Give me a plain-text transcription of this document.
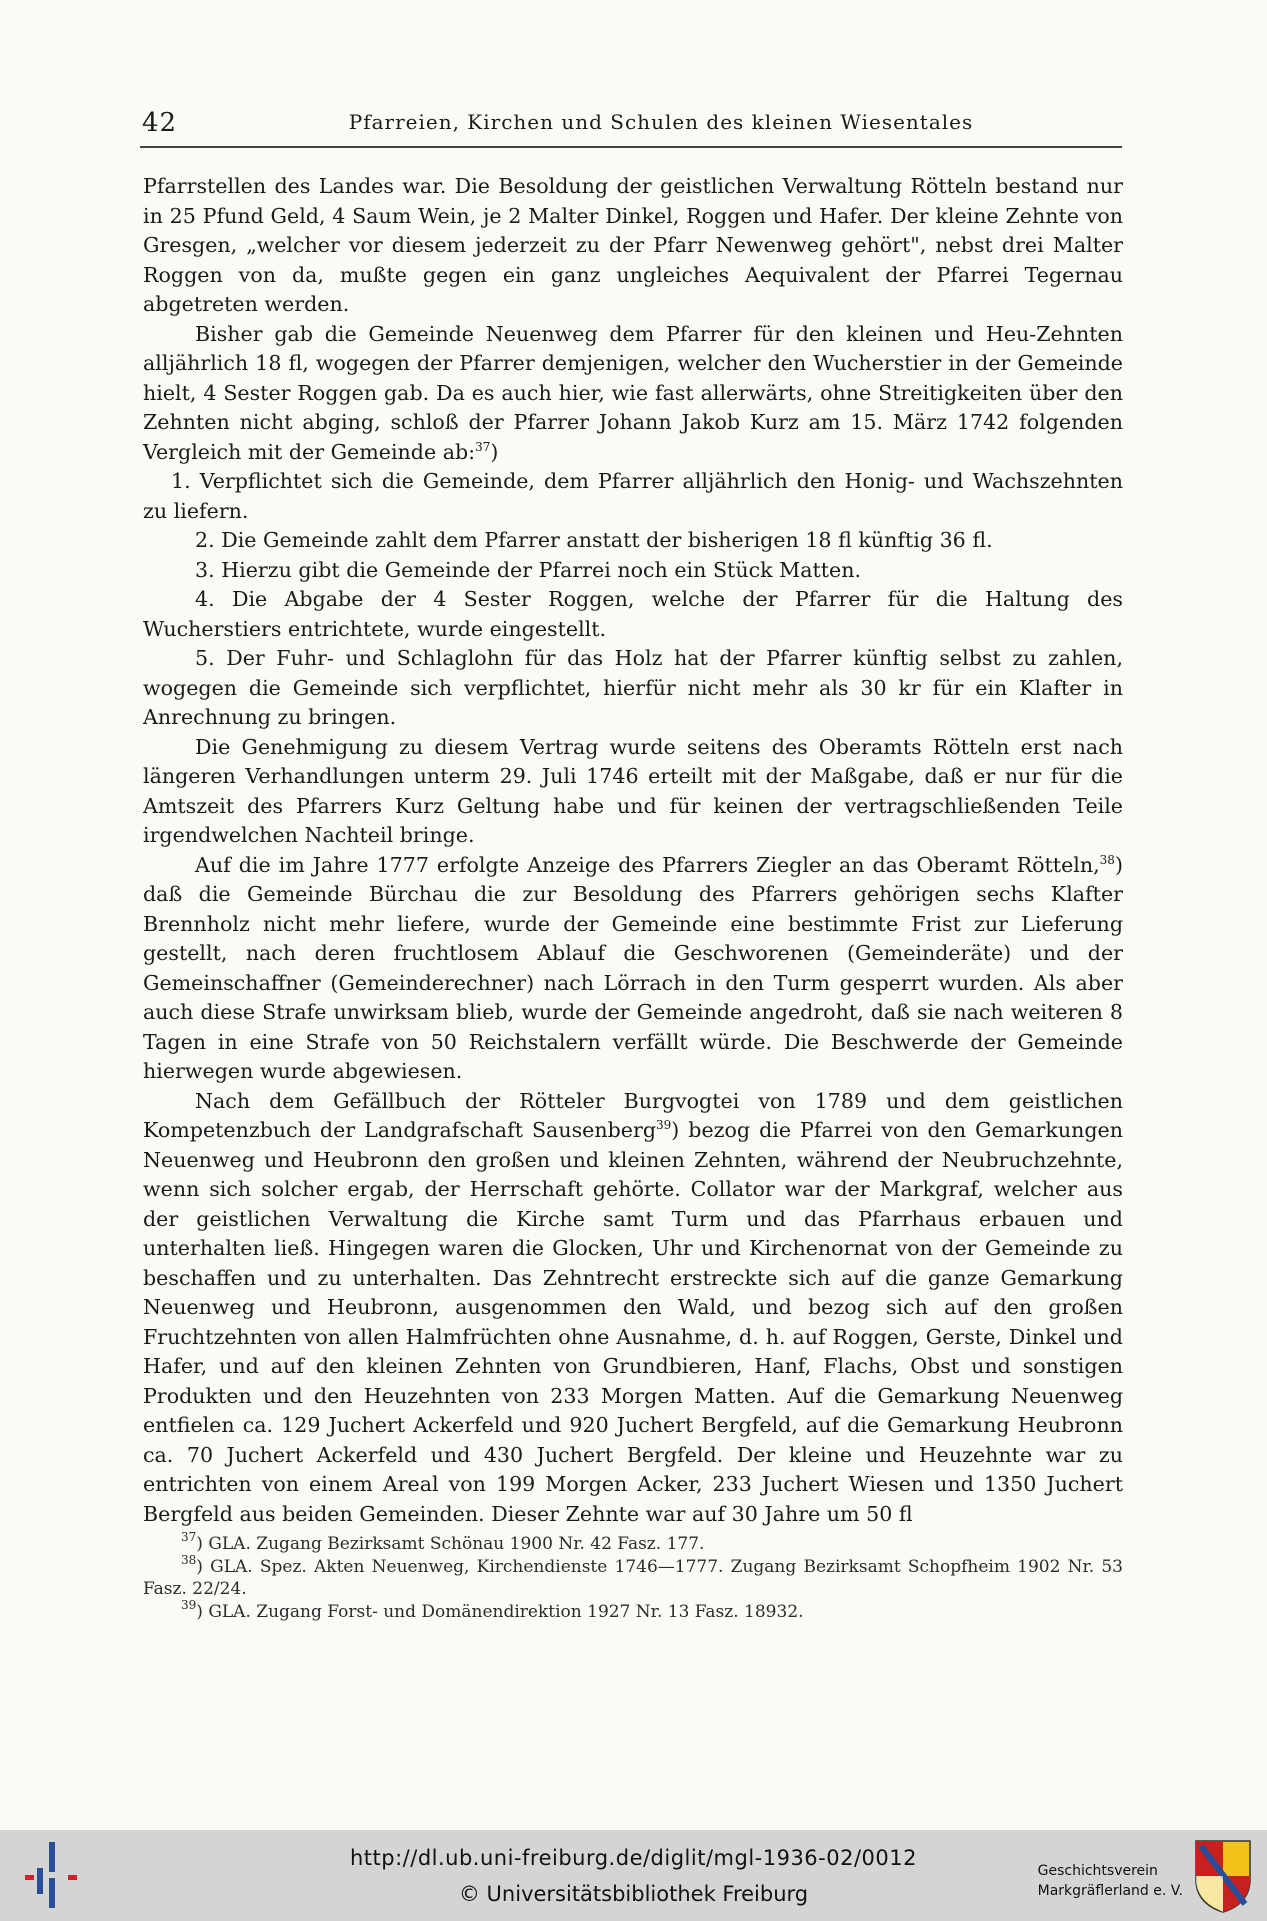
42	Pfarreien, Kirchen und Schulen des kleinen Wiesentales

Pfarrstellen des Landes war. Die Besoldung der geistlichen Verwaltung Rötteln bestand nur in 25 Pfund Geld, 4 Saum Wein, je 2 Malter Dinkel, Roggen und Hafer. Der kleine Zehnte von Gresgen, „welcher vor diesem jederzeit zu der Pfarr Newenweg gehört", nebst drei Malter Roggen von da, mußte gegen ein ganz ungleiches Aequivalent der Pfarrei Tegernau abgetreten werden.

Bisher gab die Gemeinde Neuenweg dem Pfarrer für den kleinen und Heu-Zehnten alljährlich 18 fl, wogegen der Pfarrer demjenigen, welcher den Wucherstier in der Gemeinde hielt, 4 Sester Roggen gab. Da es auch hier, wie fast allerwärts, ohne Streitigkeiten über den Zehnten nicht abging, schloß der Pfarrer Johann Jakob Kurz am 15. März 1742 folgenden Vergleich mit der Gemeinde ab:$^{37}$)

1. Verpflichtet sich die Gemeinde, dem Pfarrer alljährlich den Honig- und Wachszehnten zu liefern.

2. Die Gemeinde zahlt dem Pfarrer anstatt der bisherigen 18 fl künftig 36 fl.

3. Hierzu gibt die Gemeinde der Pfarrei noch ein Stück Matten.

4. Die Abgabe der 4 Sester Roggen, welche der Pfarrer für die Haltung des Wucherstiers entrichtete, wurde eingestellt.

5. Der Fuhr- und Schlaglohn für das Holz hat der Pfarrer künftig selbst zu zahlen, wogegen die Gemeinde sich verpflichtet, hierfür nicht mehr als 30 kr für ein Klafter in Anrechnung zu bringen.

Die Genehmigung zu diesem Vertrag wurde seitens des Oberamts Rötteln erst nach längeren Verhandlungen unterm 29. Juli 1746 erteilt mit der Maßgabe, daß er nur für die Amtszeit des Pfarrers Kurz Geltung habe und für keinen der vertragschließenden Teile irgendwelchen Nachteil bringe.

Auf die im Jahre 1777 erfolgte Anzeige des Pfarrers Ziegler an das Oberamt Rötteln,$^{38}$) daß die Gemeinde Bürchau die zur Besoldung des Pfarrers gehörigen sechs Klafter Brennholz nicht mehr liefere, wurde der Gemeinde eine bestimmte Frist zur Lieferung gestellt, nach deren fruchtlosem Ablauf die Geschworenen (Gemeinderäte) und der Gemeinschaffner (Gemeinderechner) nach Lörrach in den Turm gesperrt wurden. Als aber auch diese Strafe unwirksam blieb, wurde der Gemeinde angedroht, daß sie nach weiteren 8 Tagen in eine Strafe von 50 Reichstalern verfällt würde. Die Beschwerde der Gemeinde hierwegen wurde abgewiesen.

Nach dem Gefällbuch der Rötteler Burgvogtei von 1789 und dem geistlichen Kompetenzbuch der Landgrafschaft Sausenberg$^{39}$) bezog die Pfarrei von den Gemarkungen Neuenweg und Heubronn den großen und kleinen Zehnten, während der Neubruchzehnte, wenn sich solcher ergab, der Herrschaft gehörte. Collator war der Markgraf, welcher aus der geistlichen Verwaltung die Kirche samt Turm und das Pfarrhaus erbauen und unterhalten ließ. Hingegen waren die Glocken, Uhr und Kirchenornat von der Gemeinde zu beschaffen und zu unterhalten. Das Zehntrecht erstreckte sich auf die ganze Gemarkung Neuenweg und Heubronn, ausgenommen den Wald, und bezog sich auf den großen Fruchtzehnten von allen Halmfrüchten ohne Ausnahme, d. h. auf Roggen, Gerste, Dinkel und Hafer, und auf den kleinen Zehnten von Grundbieren, Hanf, Flachs, Obst und sonstigen Produkten und den Heuzehnten von 233 Morgen Matten. Auf die Gemarkung Neuenweg entfielen ca. 129 Juchert Ackerfeld und 920 Juchert Bergfeld, auf die Gemarkung Heubronn ca. 70 Juchert Ackerfeld und 430 Juchert Bergfeld. Der kleine und Heuzehnte war zu entrichten von einem Areal von 199 Morgen Acker, 233 Juchert Wiesen und 1350 Juchert Bergfeld aus beiden Gemeinden. Dieser Zehnte war auf 30 Jahre um 50 fl

$^{37}$) GLA. Zugang Bezirksamt Schönau 1900 Nr. 42 Fasz. 177.

$^{38}$) GLA. Spez. Akten Neuenweg, Kirchendienste 1746—1777. Zugang Bezirksamt Schopfheim 1902 Nr. 53 Fasz. 22/24.

$^{39}$) GLA. Zugang Forst- und Domänendirektion 1927 Nr. 13 Fasz. 18932.

http://dl.ub.uni-freiburg.de/diglit/mgl-1936-02/0012
© Universitätsbibliothek Freiburg
Geschichtsverein
Markgräflerland e. V.
